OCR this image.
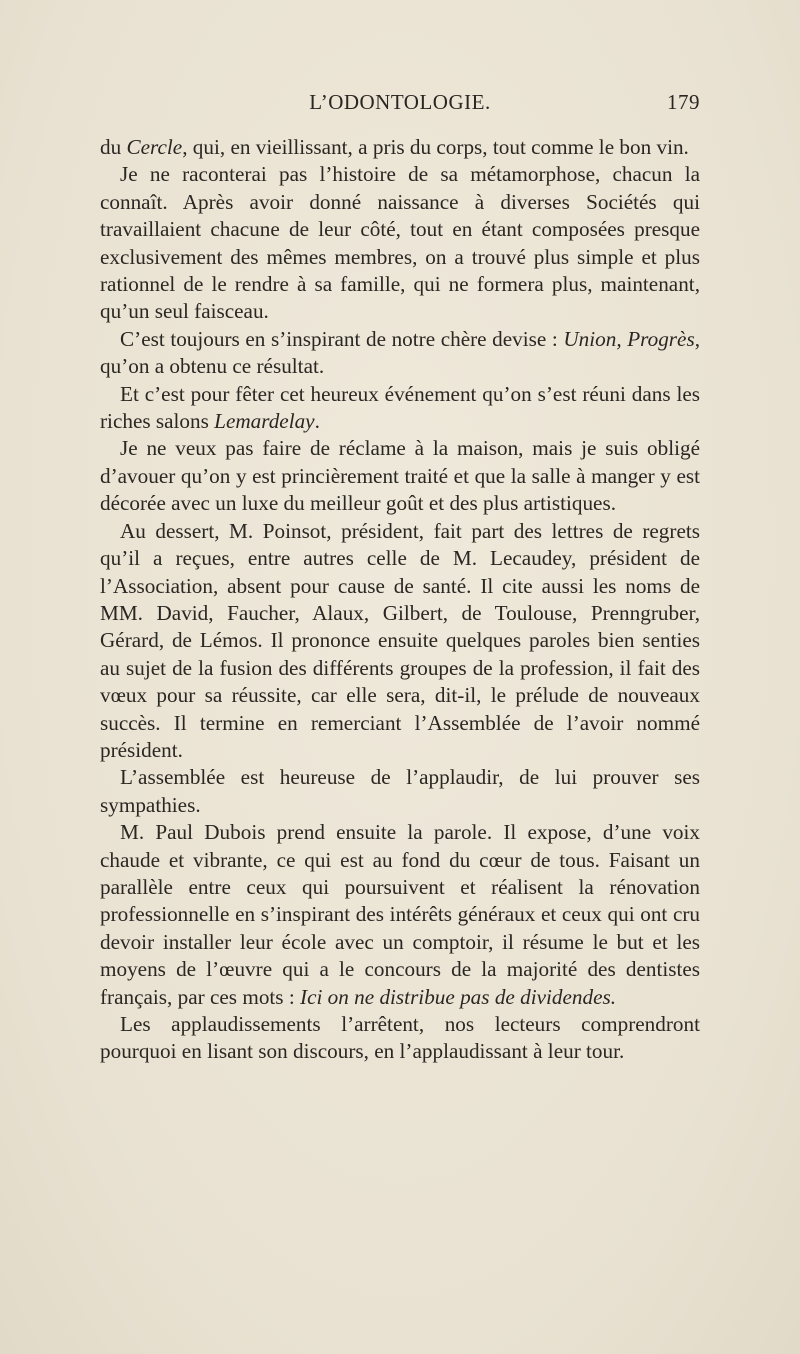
L’ODONTOLOGIE.	179

du Cercle, qui, en vieillissant, a pris du corps, tout comme le bon vin.

Je ne raconterai pas l’histoire de sa métamorphose, chacun la connaît. Après avoir donné naissance à diverses Sociétés qui travaillaient chacune de leur côté, tout en étant composées presque exclusivement des mêmes membres, on a trouvé plus simple et plus rationnel de le rendre à sa famille, qui ne formera plus, maintenant, qu’un seul faisceau.

C’est toujours en s’inspirant de notre chère devise : Union, Progrès, qu’on a obtenu ce résultat.

Et c’est pour fêter cet heureux événement qu’on s’est réuni dans les riches salons Lemardelay.

Je ne veux pas faire de réclame à la maison, mais je suis obligé d’avouer qu’on y est princièrement traité et que la salle à manger y est décorée avec un luxe du meilleur goût et des plus artistiques.

Au dessert, M. Poinsot, président, fait part des lettres de regrets qu’il a reçues, entre autres celle de M. Lecaudey, président de l’Association, absent pour cause de santé. Il cite aussi les noms de MM. David, Faucher, Alaux, Gilbert, de Toulouse, Prenngruber, Gérard, de Lémos. Il prononce ensuite quelques paroles bien senties au sujet de la fusion des différents groupes de la profession, il fait des vœux pour sa réussite, car elle sera, dit-il, le prélude de nouveaux succès. Il termine en remerciant l’Assemblée de l’avoir nommé président.

L’assemblée est heureuse de l’applaudir, de lui prouver ses sympathies.

M. Paul Dubois prend ensuite la parole. Il expose, d’une voix chaude et vibrante, ce qui est au fond du cœur de tous. Faisant un parallèle entre ceux qui poursuivent et réalisent la rénovation professionnelle en s’inspirant des intérêts généraux et ceux qui ont cru devoir installer leur école avec un comptoir, il résume le but et les moyens de l’œuvre qui a le concours de la majorité des dentistes français, par ces mots : Ici on ne distribue pas de dividendes.

Les applaudissements l’arrêtent, nos lecteurs comprendront pourquoi en lisant son discours, en l’applaudissant à leur tour.
